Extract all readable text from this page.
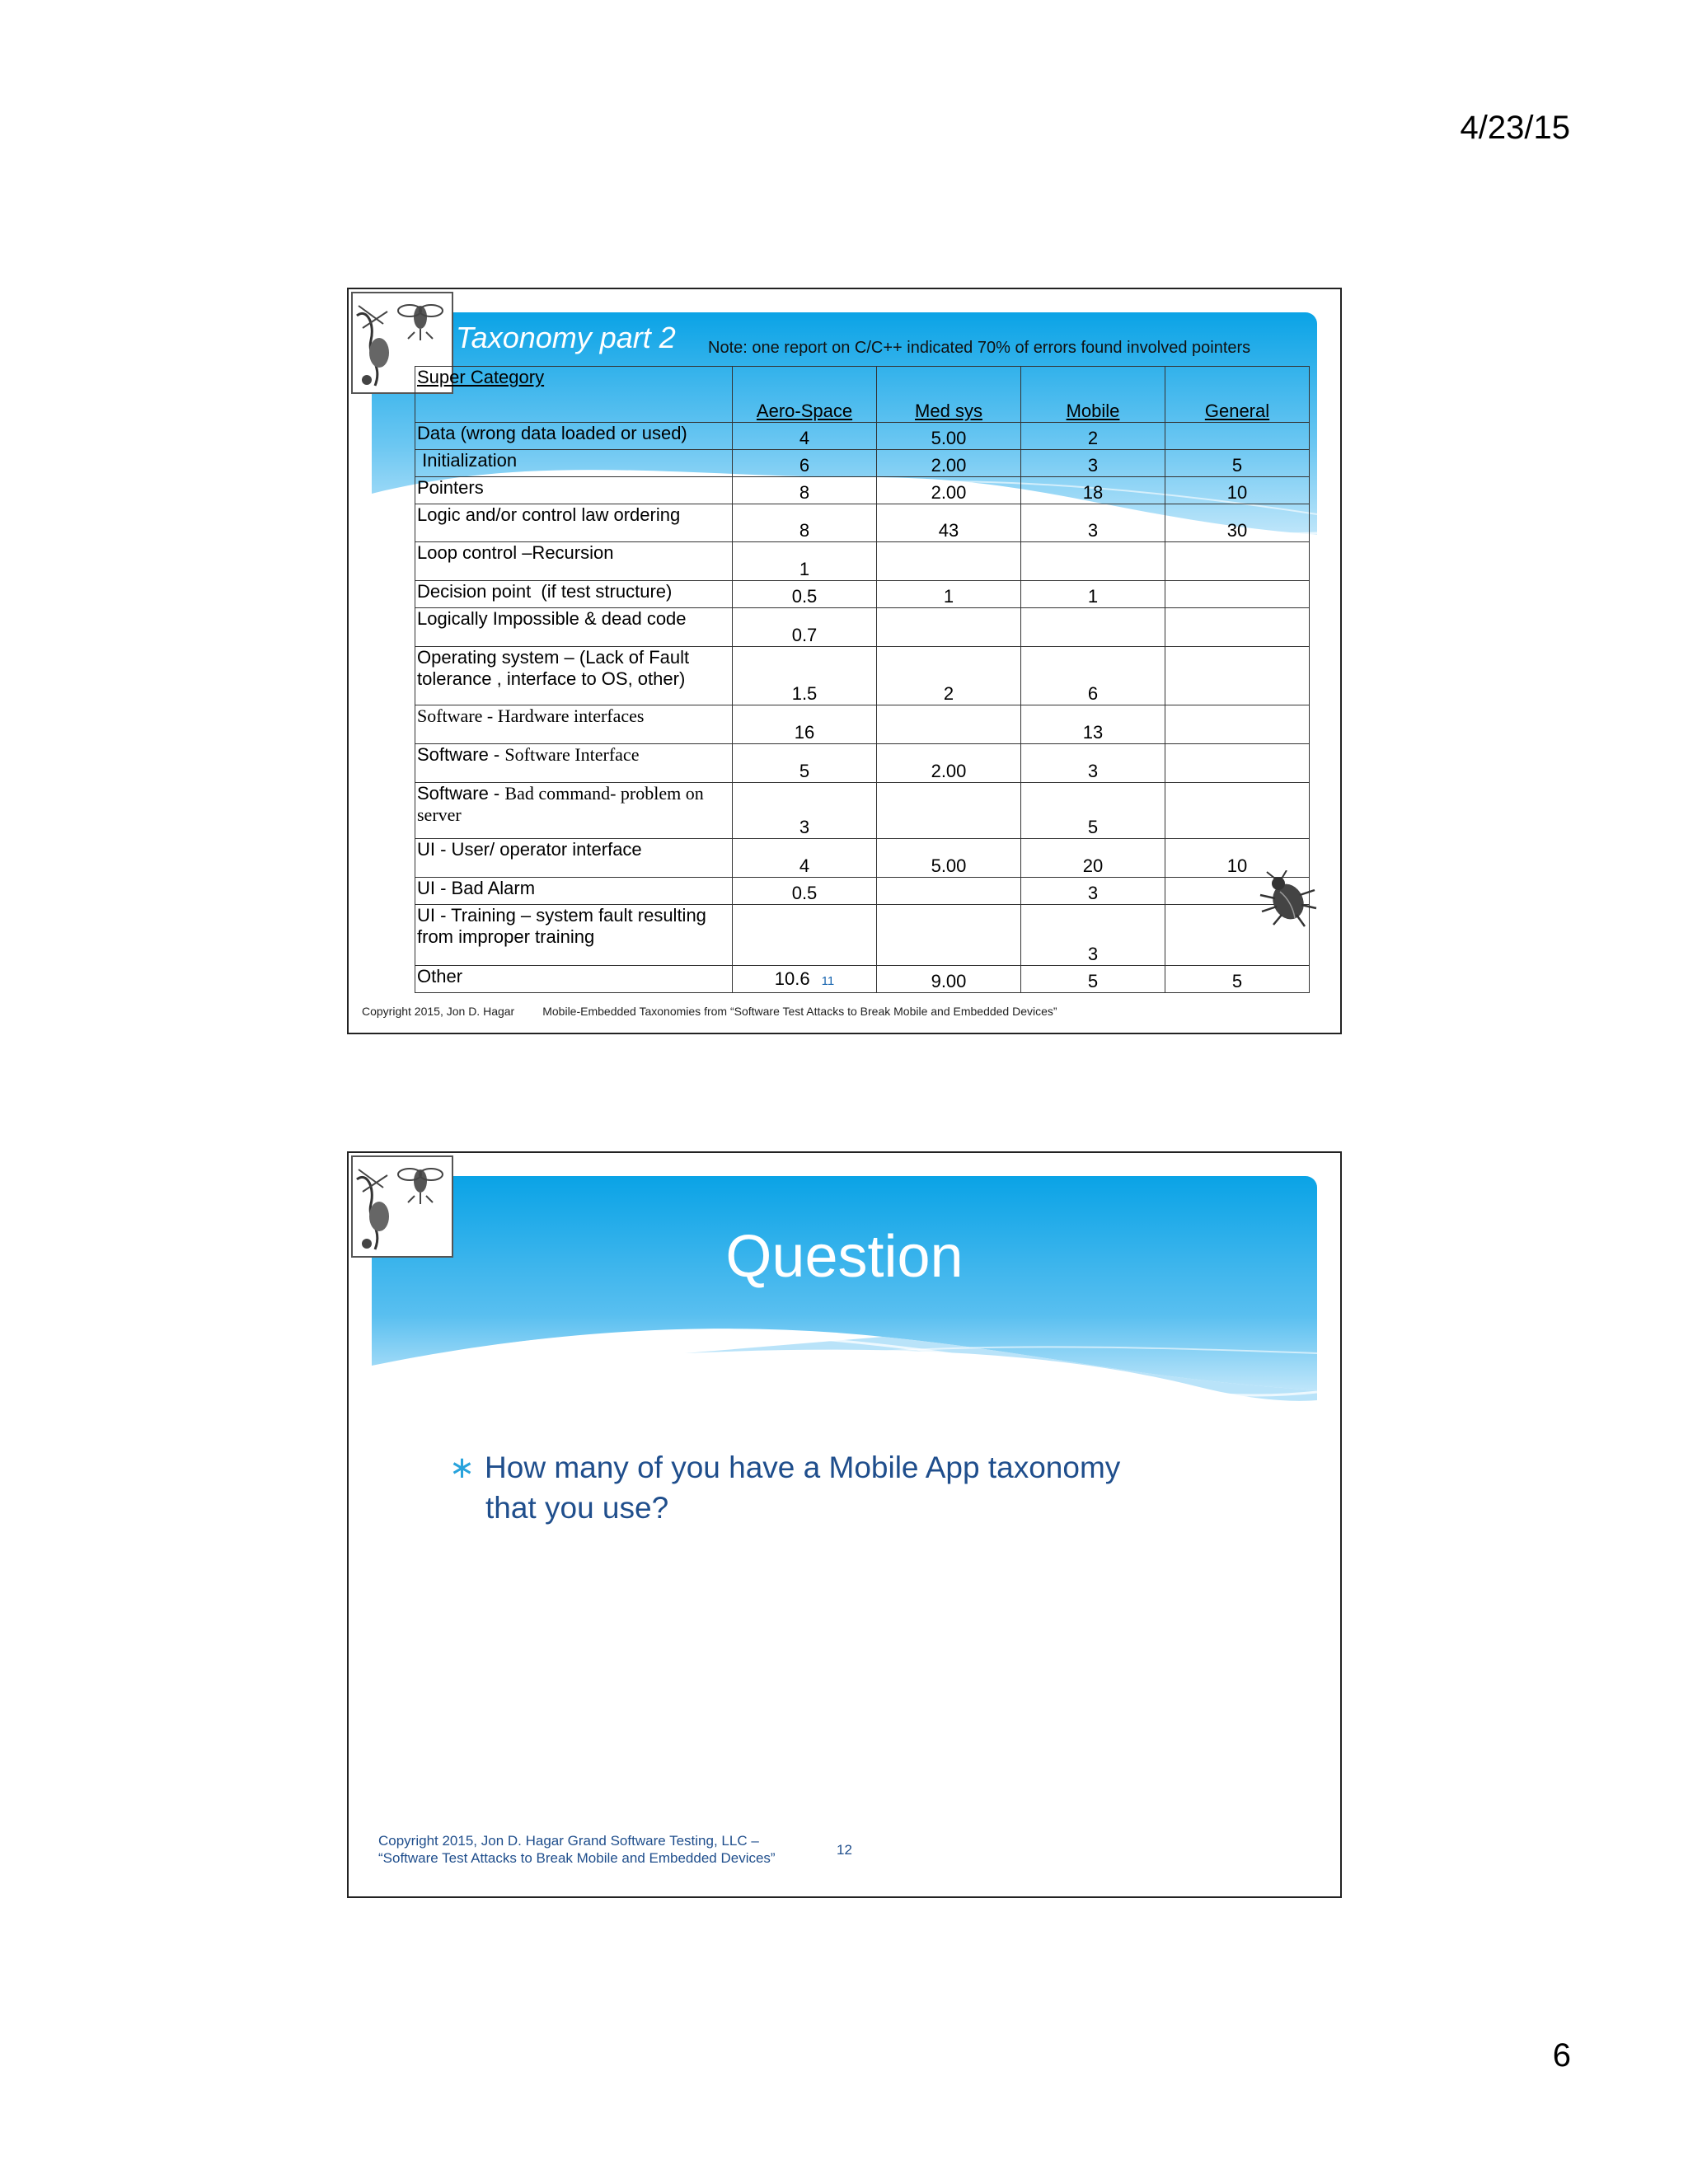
4/23/15
Taxonomy part 2 Note: one report on C/C++ indicated 70% of errors found involved pointers
Super Category	Aero-Space	Med sys	Mobile	General
Data (wrong data loaded or used)	4	5.00	2	
Initialization	6	2.00	3	5
Pointers	8	2.00	18	10
Logic and/or control law ordering	8	43	3	30
Loop control –Recursion	1			
Decision point  (if test structure)	0.5	1	1	
Logically Impossible & dead code	0.7			
Operating system – (Lack of Fault tolerance , interface to OS, other)	1.5	2	6	
Software - Hardware interfaces	16		13	
Software - Software Interface	5	2.00	3	
Software - Bad command- problem on server	3		5	
UI - User/ operator interface	4	5.00	20	10
UI - Bad Alarm	0.5		3	
UI - Training – system fault resulting from improper training			3	
Other	10.6 11	9.00	5	5
Copyright 2015, Jon D. Hagar Mobile-Embedded Taxonomies from “Software Test Attacks to Break Mobile and Embedded Devices”
Question
∗ How many of you have a Mobile App taxonomy
that you use?
Copyright 2015, Jon D. Hagar Grand Software Testing, LLC –
“Software Test Attacks to Break Mobile and Embedded Devices”
12
6
